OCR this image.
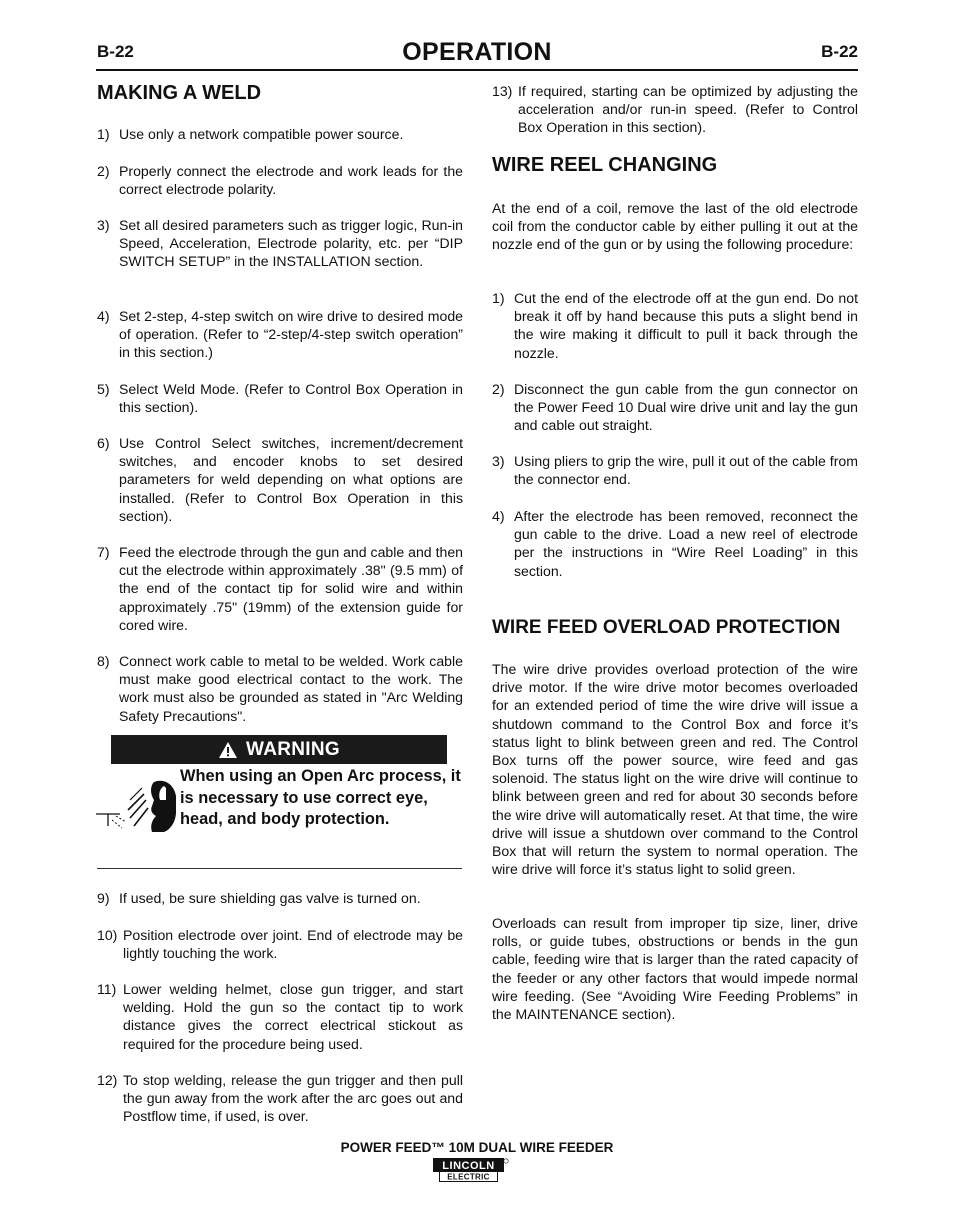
B-22	OPERATION	B-22
MAKING A WELD
1) Use only a network compatible power source.
2) Properly connect the electrode and work leads for the correct electrode polarity.
3) Set all desired parameters such as trigger logic, Run-in Speed, Acceleration, Electrode polarity, etc. per “DIP SWITCH SETUP” in the INSTALLATION section.
4) Set 2-step, 4-step switch on wire drive to desired mode of operation. (Refer to “2-step/4-step switch operation” in this section.)
5) Select Weld Mode. (Refer to Control Box Operation in this section).
6) Use Control Select switches, increment/decrement switches, and encoder knobs to set desired parameters for weld depending on what options are installed. (Refer to Control Box Operation in this section).
7) Feed the electrode through the gun and cable and then cut the electrode within approximately .38" (9.5 mm) of the end of the contact tip for solid wire and within approximately .75" (19mm) of the extension guide for cored wire.
8) Connect work cable to metal to be welded. Work cable must make good electrical contact to the work. The work must also be grounded as stated in "Arc Welding Safety Precautions".
WARNING
When using an Open Arc process, it is necessary to use correct eye, head, and body protection.
9) If used, be sure shielding gas valve is turned on.
10) Position electrode over joint. End of electrode may be lightly touching the work.
11) Lower welding helmet, close gun trigger, and start welding. Hold the gun so the contact tip to work distance gives the correct electrical stickout as required for the procedure being used.
12) To stop welding, release the gun trigger and then pull the gun away from the work after the arc goes out and Postflow time, if used, is over.
13) If required, starting can be optimized by adjusting the acceleration and/or run-in speed. (Refer to Control Box Operation in this section).
WIRE REEL CHANGING
At the end of a coil, remove the last of the old electrode coil from the conductor cable by either pulling it out at the nozzle end of the gun or by using the following procedure:
1) Cut the end of the electrode off at the gun end. Do not break it off by hand because this puts a slight bend in the wire making it difficult to pull it back through the nozzle.
2) Disconnect the gun cable from the gun connector on the Power Feed 10 Dual wire drive unit and lay the gun and cable out straight.
3) Using pliers to grip the wire, pull it out of the cable from the connector end.
4) After the electrode has been removed, reconnect the gun cable to the drive. Load a new reel of electrode per the instructions in “Wire Reel Loading” in this section.
WIRE FEED OVERLOAD PROTECTION
The wire drive provides overload protection of the wire drive motor. If the wire drive motor becomes overloaded for an extended period of time the wire drive will issue a shutdown command to the Control Box and force it’s status light to blink between green and red. The Control Box turns off the power source, wire feed and gas solenoid. The status light on the wire drive will continue to blink between green and red for about 30 seconds before the wire drive will automatically reset. At that time, the wire drive will issue a shutdown over command to the Control Box that will return the system to normal operation. The wire drive will force it’s status light to solid green.
Overloads can result from improper tip size, liner, drive rolls, or guide tubes, obstructions or bends in the gun cable, feeding wire that is larger than the rated capacity of the feeder or any other factors that would impede normal wire feeding. (See “Avoiding Wire Feeding Problems” in the MAINTENANCE section).
POWER FEED™ 10M DUAL WIRE FEEDER
LINCOLN
ELECTRIC
